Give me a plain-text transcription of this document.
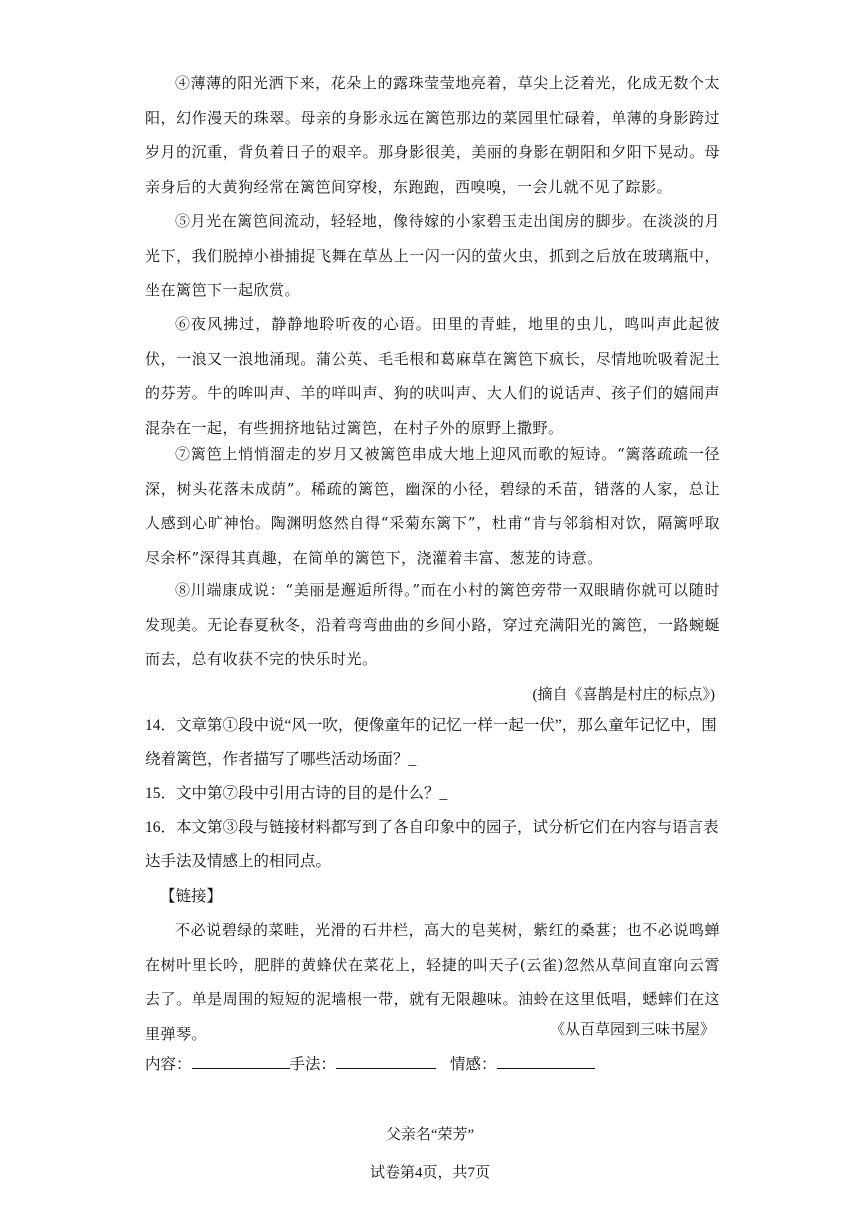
④薄薄的阳光洒下来，花朵上的露珠莹莹地亮着，草尖上泛着光，化成无数个太阳，幻作漫天的珠翠。母亲的身影永远在篱笆那边的菜园里忙碌着，单薄的身影跨过岁月的沉重，背负着日子的艰辛。那身影很美，美丽的身影在朝阳和夕阳下晃动。母亲身后的大黄狗经常在篱笆间穿梭，东跑跑，西嗅嗅，一会儿就不见了踪影。

⑤月光在篱笆间流动，轻轻地，像待嫁的小家碧玉走出闺房的脚步。在淡淡的月光下，我们脱掉小褂捕捉飞舞在草丛上一闪一闪的萤火虫，抓到之后放在玻璃瓶中，坐在篱笆下一起欣赏。

⑥夜风拂过，静静地聆听夜的心语。田里的青蛙，地里的虫儿，鸣叫声此起彼伏，一浪又一浪地涌现。蒲公英、毛毛根和葛麻草在篱笆下疯长，尽情地吮吸着泥土的芬芳。牛的哞叫声、羊的咩叫声、狗的吠叫声、大人们的说话声、孩子们的嬉闹声混杂在一起，有些拥挤地钻过篱笆，在村子外的原野上撒野。

⑦篱笆上悄悄溜走的岁月又被篱笆串成大地上迎风而歌的短诗。“篱落疏疏一径深，树头花落未成荫”。稀疏的篱笆，幽深的小径，碧绿的禾苗，错落的人家，总让人感到心旷神怡。陶渊明悠然自得“采菊东篱下”，杜甫“肯与邻翁相对饮，隔篱呼取尽余杯”深得其真趣，在简单的篱笆下，浇灌着丰富、葱茏的诗意。

⑧川端康成说：“美丽是邂逅所得。”而在小村的篱笆旁带一双眼睛你就可以随时发现美。无论春夏秋冬，沿着弯弯曲曲的乡间小路，穿过充满阳光的篱笆，一路蜿蜒而去，总有收获不完的快乐时光。

(摘自《喜鹊是村庄的标点》)

14．文章第①段中说“风一吹，便像童年的记忆一样一起一伏”，那么童年记忆中，围绕着篱笆，作者描写了哪些活动场面？_

15．文中第⑦段中引用古诗的目的是什么？_

16．本文第③段与链接材料都写到了各自印象中的园子，试分析它们在内容与语言表达手法及情感上的相同点。

【链接】

不必说碧绿的菜畦，光滑的石井栏，高大的皂荚树，紫红的桑葚；也不必说鸣蝉在树叶里长吟，肥胖的黄蜂伏在菜花上，轻捷的叫天子(云雀)忽然从草间直窜向云霄去了。单是周围的短短的泥墙根一带，就有无限趣味。油蛉在这里低唱，蟋蟀们在这里弹琴。	《从百草园到三味书屋》
内容：	手法：	情感：
父亲名“荣芳”
试卷第4页，共7页
